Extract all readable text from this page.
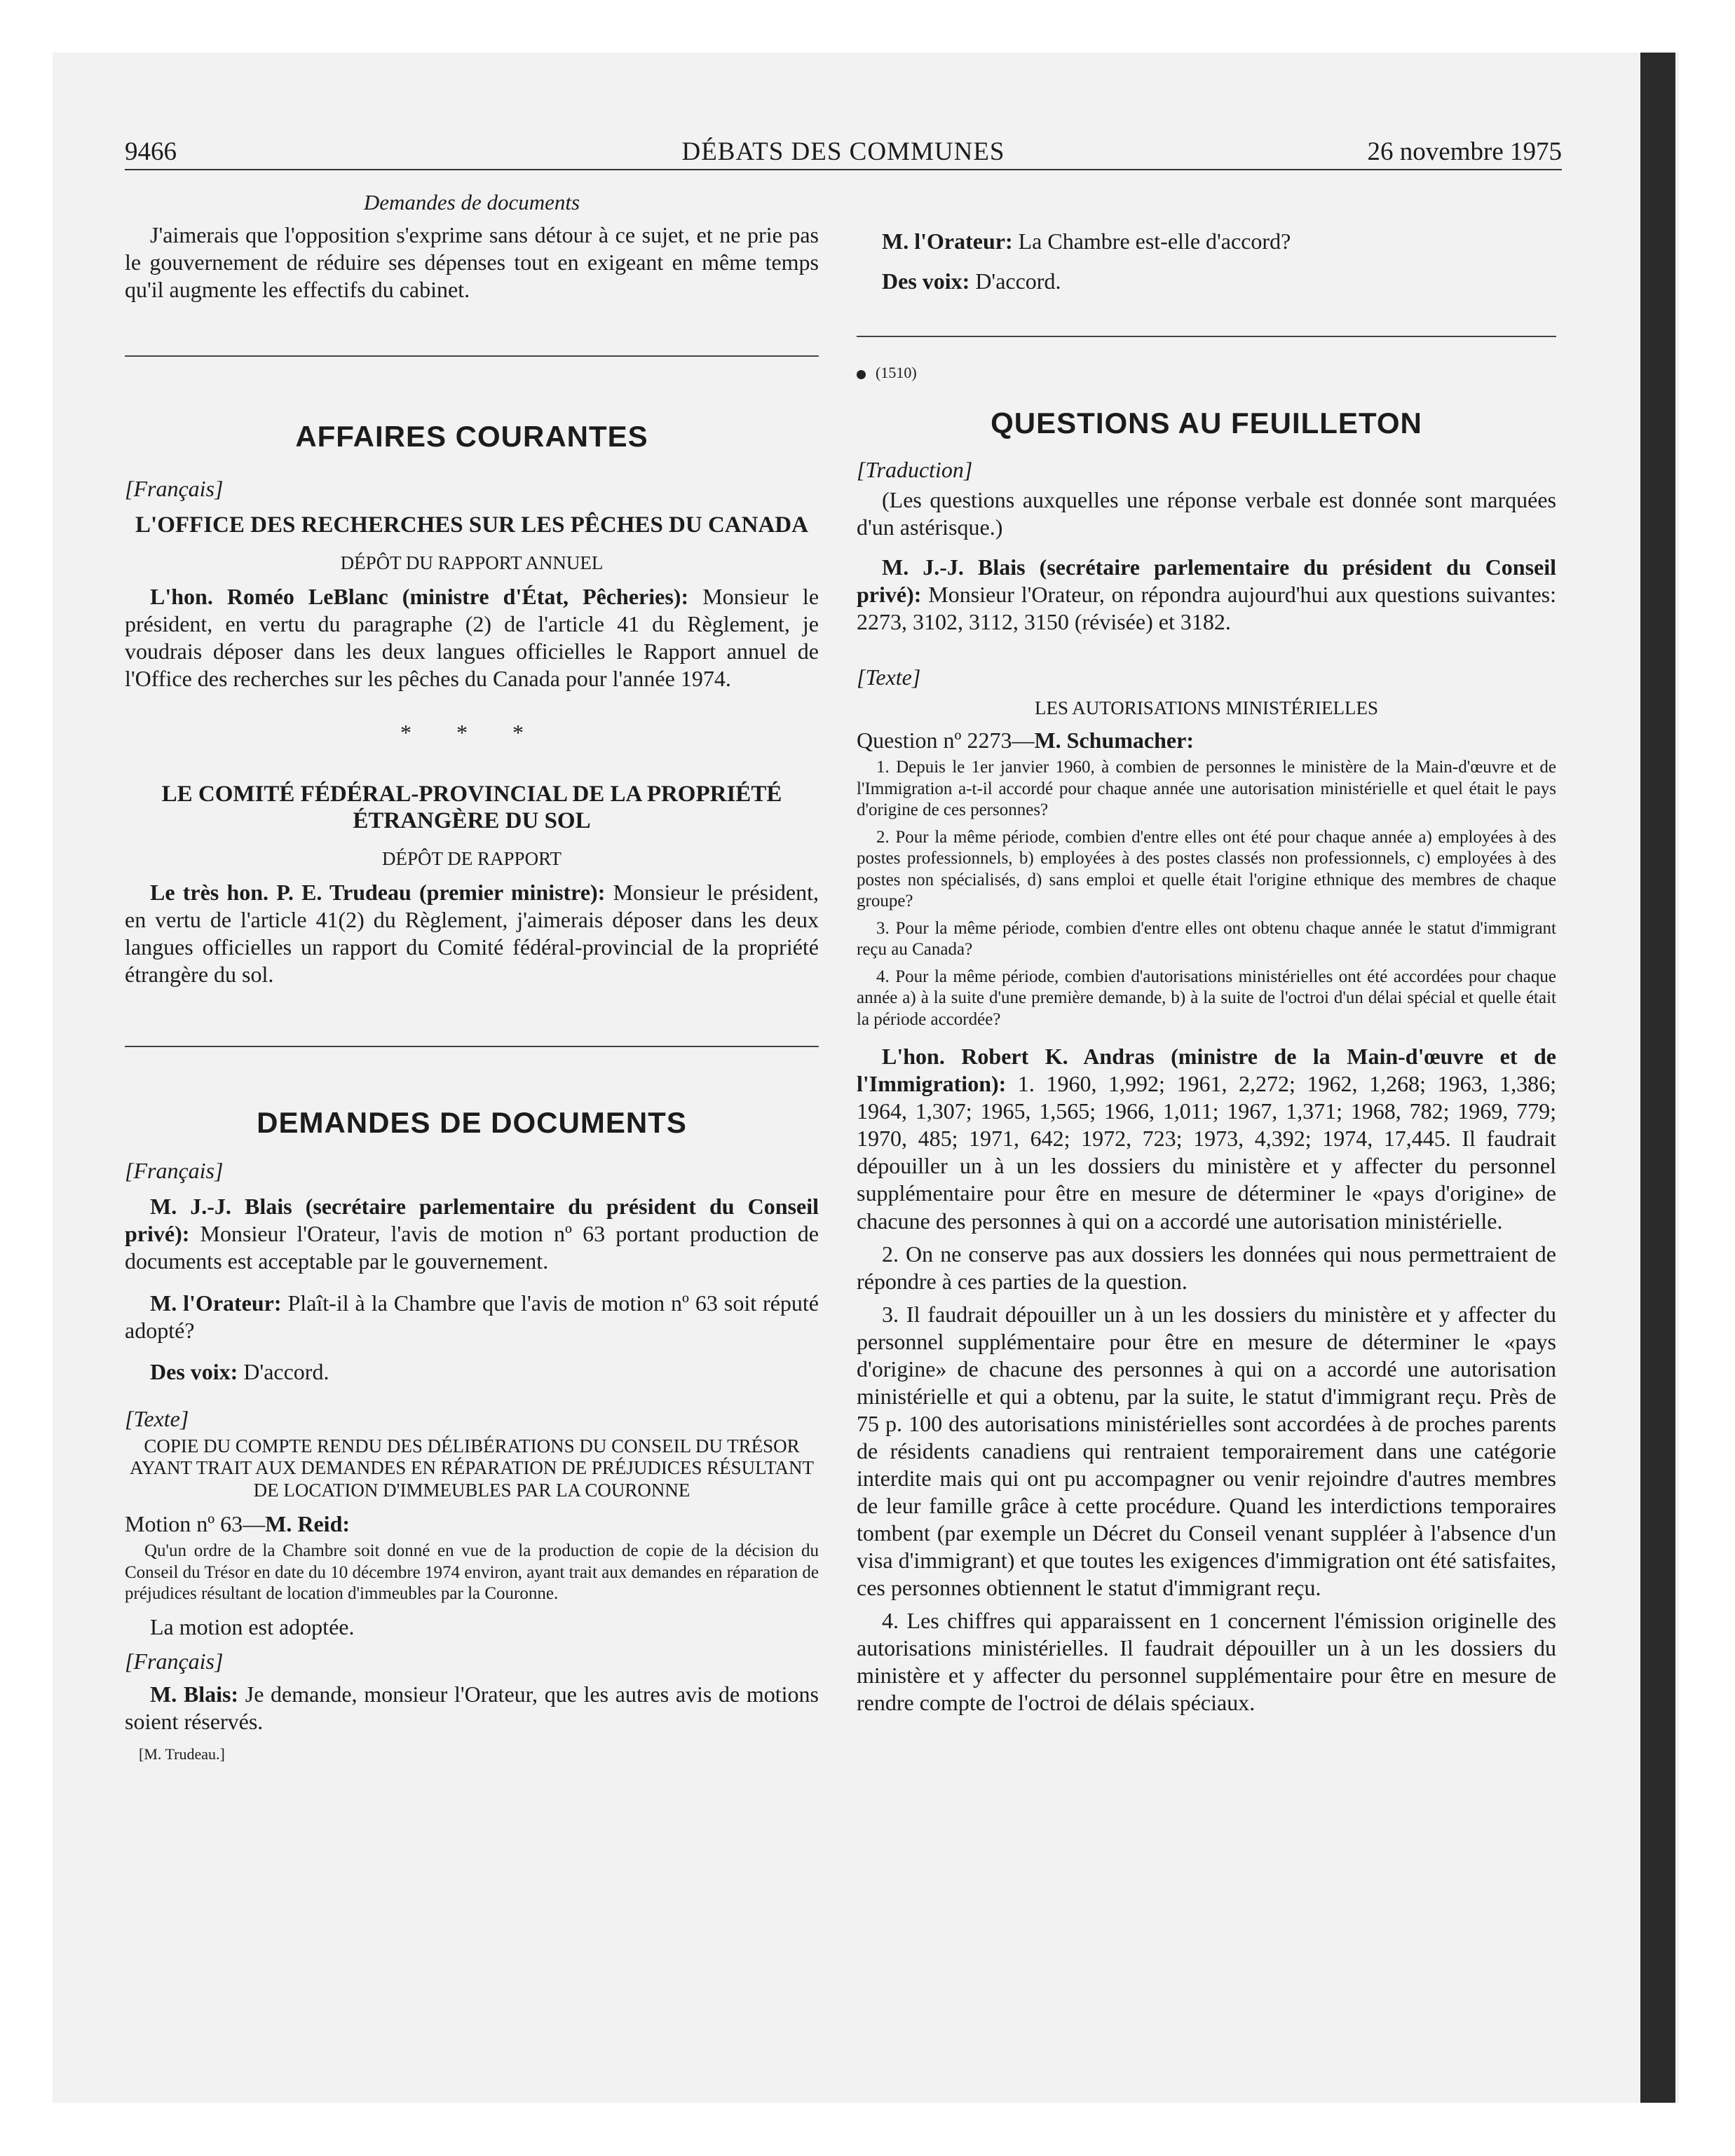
9466	DÉBATS DES COMMUNES	26 novembre 1975
Demandes de documents

J'aimerais que l'opposition s'exprime sans détour à ce sujet, et ne prie pas le gouvernement de réduire ses dépenses tout en exigeant en même temps qu'il augmente les effectifs du cabinet.

AFFAIRES COURANTES
[Français]
L'OFFICE DES RECHERCHES SUR LES PÊCHES DU CANADA
DÉPÔT DU RAPPORT ANNUEL

L'hon. Roméo LeBlanc (ministre d'État, Pêcheries): Monsieur le président, en vertu du paragraphe (2) de l'article 41 du Règlement, je voudrais déposer dans les deux langues officielles le Rapport annuel de l'Office des recherches sur les pêches du Canada pour l'année 1974.

* * *
LE COMITÉ FÉDÉRAL-PROVINCIAL DE LA PROPRIÉTÉ ÉTRANGÈRE DU SOL
DÉPÔT DE RAPPORT

Le très hon. P. E. Trudeau (premier ministre): Monsieur le président, en vertu de l'article 41(2) du Règlement, j'aimerais déposer dans les deux langues officielles un rapport du Comité fédéral-provincial de la propriété étrangère du sol.

DEMANDES DE DOCUMENTS
[Français]

M. J.-J. Blais (secrétaire parlementaire du président du Conseil privé): Monsieur l'Orateur, l'avis de motion nº 63 portant production de documents est acceptable par le gouvernement.

M. l'Orateur: Plaît-il à la Chambre que l'avis de motion nº 63 soit réputé adopté?

Des voix: D'accord.

[Texte]
COPIE DU COMPTE RENDU DES DÉLIBÉRATIONS DU CONSEIL DU TRÉSOR AYANT TRAIT AUX DEMANDES EN RÉPARATION DE PRÉJUDICES RÉSULTANT DE LOCATION D'IMMEUBLES PAR LA COURONNE

Motion nº 63—M. Reid:

Qu'un ordre de la Chambre soit donné en vue de la production de copie de la décision du Conseil du Trésor en date du 10 décembre 1974 environ, ayant trait aux demandes en réparation de préjudices résultant de location d'immeubles par la Couronne.

La motion est adoptée.

[Français]

M. Blais: Je demande, monsieur l'Orateur, que les autres avis de motions soient réservés.

[M. Trudeau.]

M. l'Orateur: La Chambre est-elle d'accord?

Des voix: D'accord.

(1510)
QUESTIONS AU FEUILLETON
[Traduction]

(Les questions auxquelles une réponse verbale est donnée sont marquées d'un astérisque.)

M. J.-J. Blais (secrétaire parlementaire du président du Conseil privé): Monsieur l'Orateur, on répondra aujourd'hui aux questions suivantes: 2273, 3102, 3112, 3150 (révisée) et 3182.

[Texte]
LES AUTORISATIONS MINISTÉRIELLES

Question nº 2273—M. Schumacher:

1. Depuis le 1er janvier 1960, à combien de personnes le ministère de la Main-d'œuvre et de l'Immigration a-t-il accordé pour chaque année une autorisation ministérielle et quel était le pays d'origine de ces personnes?

2. Pour la même période, combien d'entre elles ont été pour chaque année a) employées à des postes professionnels, b) employées à des postes classés non professionnels, c) employées à des postes non spécialisés, d) sans emploi et quelle était l'origine ethnique des membres de chaque groupe?

3. Pour la même période, combien d'entre elles ont obtenu chaque année le statut d'immigrant reçu au Canada?

4. Pour la même période, combien d'autorisations ministérielles ont été accordées pour chaque année a) à la suite d'une première demande, b) à la suite de l'octroi d'un délai spécial et quelle était la période accordée?

L'hon. Robert K. Andras (ministre de la Main-d'œuvre et de l'Immigration): 1. 1960, 1,992; 1961, 2,272; 1962, 1,268; 1963, 1,386; 1964, 1,307; 1965, 1,565; 1966, 1,011; 1967, 1,371; 1968, 782; 1969, 779; 1970, 485; 1971, 642; 1972, 723; 1973, 4,392; 1974, 17,445. Il faudrait dépouiller un à un les dossiers du ministère et y affecter du personnel supplémentaire pour être en mesure de déterminer le «pays d'origine» de chacune des personnes à qui on a accordé une autorisation ministérielle.

2. On ne conserve pas aux dossiers les données qui nous permettraient de répondre à ces parties de la question.

3. Il faudrait dépouiller un à un les dossiers du ministère et y affecter du personnel supplémentaire pour être en mesure de déterminer le «pays d'origine» de chacune des personnes à qui on a accordé une autorisation ministérielle et qui a obtenu, par la suite, le statut d'immigrant reçu. Près de 75 p. 100 des autorisations ministérielles sont accordées à de proches parents de résidents canadiens qui rentraient temporairement dans une catégorie interdite mais qui ont pu accompagner ou venir rejoindre d'autres membres de leur famille grâce à cette procédure. Quand les interdictions temporaires tombent (par exemple un Décret du Conseil venant suppléer à l'absence d'un visa d'immigrant) et que toutes les exigences d'immigration ont été satisfaites, ces personnes obtiennent le statut d'immigrant reçu.

4. Les chiffres qui apparaissent en 1 concernent l'émission originelle des autorisations ministérielles. Il faudrait dépouiller un à un les dossiers du ministère et y affecter du personnel supplémentaire pour être en mesure de rendre compte de l'octroi de délais spéciaux.
